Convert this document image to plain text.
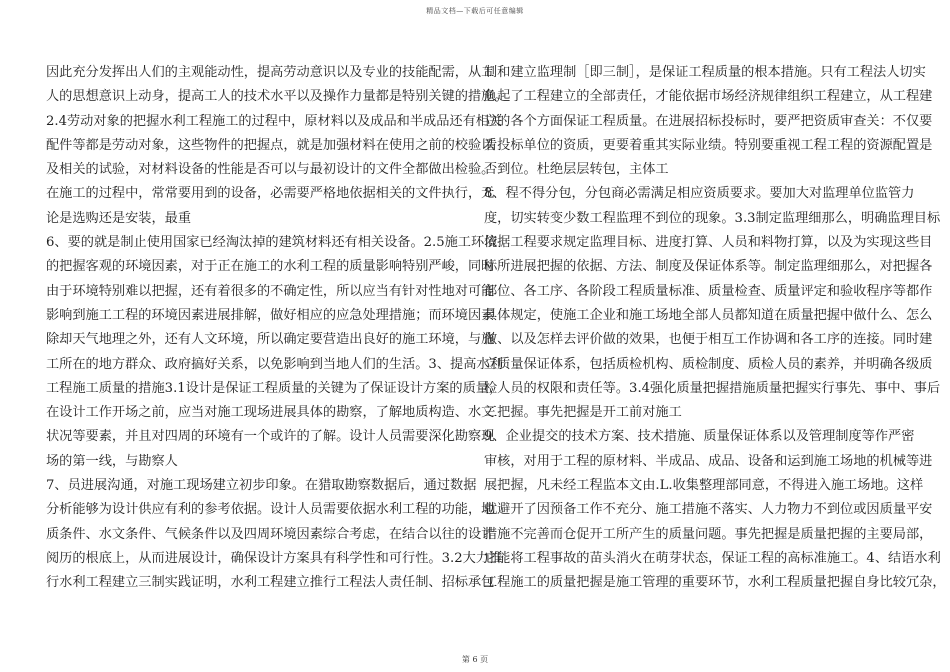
精品文档—下载后可任意编辑
因此充分发挥出人们的主观能动性，提高劳动意识以及专业的技能配需，从工
人的思想意识上动身，提高工人的技术水平以及操作力量都是特别关键的措施。
2.4劳动对象的把握水利工程施工的过程中，原材料以及成品和半成品还有相关
配件等都是劳动对象，这些物件的把握点，就是加强材料在使用之前的校验以
及相关的试验，对材料设备的性能是否可以与最初设计的文件全都做出检验。
在施工的过程中，常常要用到的设备，必需要严格地依据相关的文件执行，无
论是选购还是安装，最重
6、要的就是制止使用国家已经淘汰掉的建筑材料还有相关设备。2.5施工环境
的把握客观的环境因素，对于正在施工的水利工程的质量影响特别严峻，同时
由于环境特别难以把握，还有着很多的不确定性，所以应当有针对性地对可能
影响到施工工程的环境因素进展排解，做好相应的应急处理措施；而环境因素
除却天气地理之外，还有人文环境，所以确定要营造出良好的施工环境，与施
工所在的地方群众、政府搞好关系，以免影响到当地人们的生活。3、提高水利
工程施工质量的措施3.1设计是保证工程质量的关键为了保证设计方案的质量，
在设计工作开场之前，应当对施工现场进展具体的勘察，了解地质构造、水文
状况等要素，并且对四周的环境有一个或许的了解。设计人员需要深化勘察现
场的第一线，与勘察人
7、员进展沟通，对施工现场建立初步印象。在猎取勘察数据后，通过数据
分析能够为设计供应有利的参考依据。设计人员需要依据水利工程的功能，地
质条件、水文条件、气候条件以及四周环境因素综合考虑，在结合以往的设计
阅历的根底上，从而进展设计，确保设计方案具有科学性和可行性。3.2大力推
行水利工程建立三制实践证明，水利工程建立推行工程法人责任制、招标承包
制和建立监理制［即三制］，是保证工程质量的根本措施。只有工程法人切实
负起了工程建立的全部责任，才能依据市场经济规律组织工程建立，从工程建
立的各个方面保证工程质量。在进展招标投标时，要严把资质审查关：不仅要
看投标单位的资质，更要着重其实际业绩。特别要重视工程工程的资源配置是
否到位。杜绝层层转包，主体工
8、程不得分包，分包商必需满足相应资质要求。要加大对监理单位监管力
度，切实转变少数工程监理不到位的现象。3.3制定监理细那么，明确监理目标
依据工程要求规定监理目标、进度打算、人员和料物打算，以及为实现这些目
标所进展把握的依据、方法、制度及保证体系等。制定监理细那么，对把握各
部位、各工序、各阶段工程质量标准、质量检查、质量评定和验收程序等都作
具体规定，使施工企业和施工场地全部人员都知道在质量把握中做什么、怎么
做、以及怎样去评价做的效果，也便于相互工作协调和各工序的连接。同时建
立质量保证体系，包括质检机构、质检制度、质检人员的素养，并明确各级质
检人员的权限和责任等。3.4强化质量把握措施质量把握实行事先、事中、事后
三把握。事先把握是开工前对施工
9、企业提交的技术方案、技术措施、质量保证体系以及管理制度等作严密
审核，对用于工程的原材料、半成品、成品、设备和运到施工场地的机械等进
展把握，凡未经工程监本文由.L.收集整理部同意，不得进入施工场地。这样
就避开了因预备工作不充分、施工措施不落实、人力物力不到位或因质量平安
措施不完善而仓促开工所产生的质量问题。事先把握是质量把握的主要局部，
它能将工程事故的苗头消火在萌芽状态，保证工程的高标准施工。4、结语水利
工程施工的质量把握是施工管理的重要环节，水利工程质量把握自身比较冗杂，
第 6 页
